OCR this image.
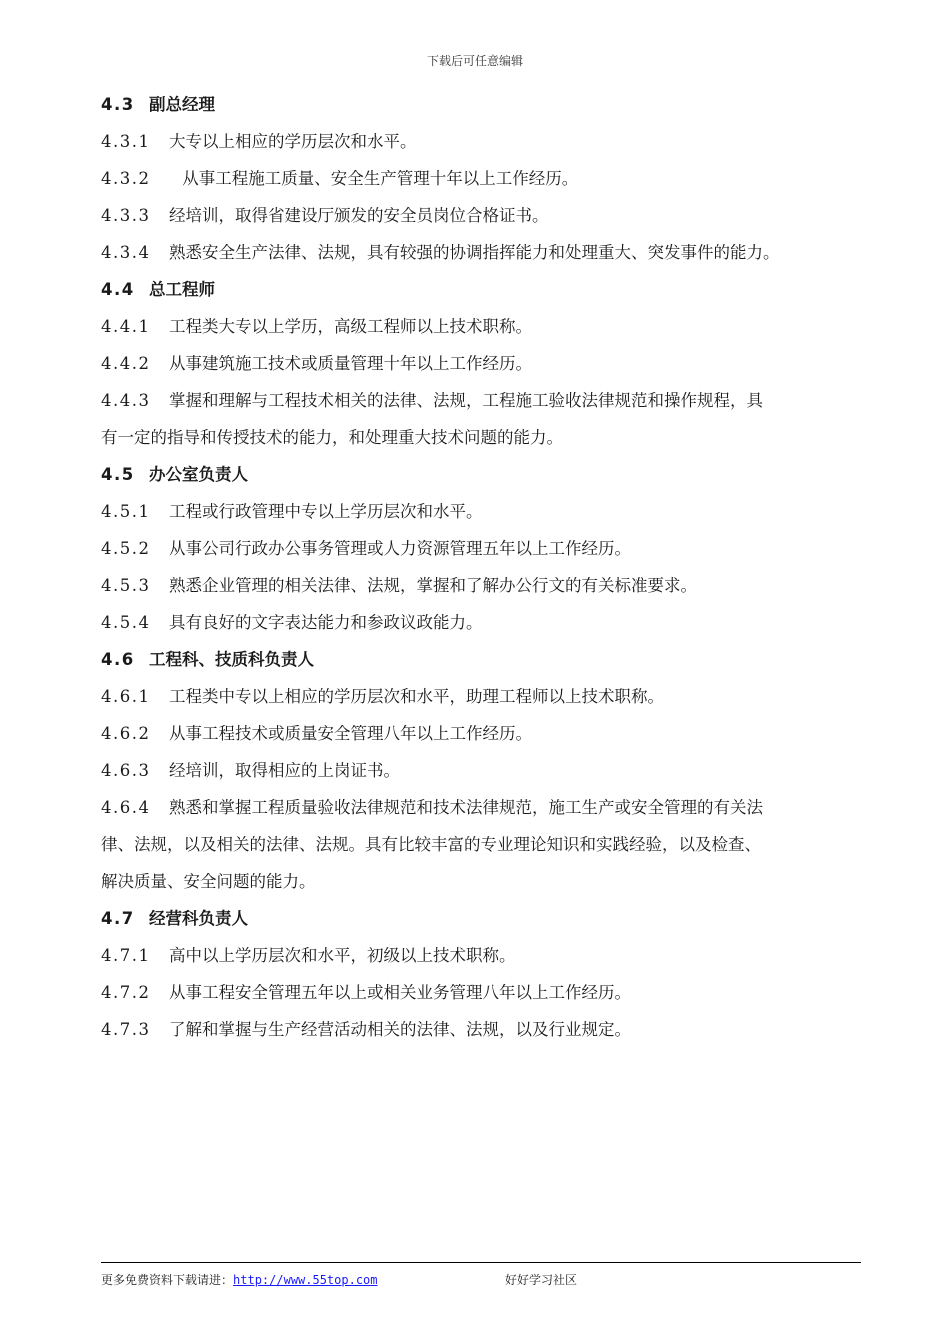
下载后可任意编辑
4.3 副总经理
4.3.1 大专以上相应的学历层次和水平。
4.3.2 从事工程施工质量、安全生产管理十年以上工作经历。
4.3.3 经培训，取得省建设厅颁发的安全员岗位合格证书。
4.3.4 熟悉安全生产法律、法规，具有较强的协调指挥能力和处理重大、突发事件的能力。
4.4 总工程师
4.4.1 工程类大专以上学历，高级工程师以上技术职称。
4.4.2 从事建筑施工技术或质量管理十年以上工作经历。
4.4.3 掌握和理解与工程技术相关的法律、法规，工程施工验收法律规范和操作规程，具
有一定的指导和传授技术的能力，和处理重大技术问题的能力。
4.5 办公室负责人
4.5.1 工程或行政管理中专以上学历层次和水平。
4.5.2 从事公司行政办公事务管理或人力资源管理五年以上工作经历。
4.5.3 熟悉企业管理的相关法律、法规，掌握和了解办公行文的有关标准要求。
4.5.4 具有良好的文字表达能力和参政议政能力。
4.6 工程科、技质科负责人
4.6.1 工程类中专以上相应的学历层次和水平，助理工程师以上技术职称。
4.6.2 从事工程技术或质量安全管理八年以上工作经历。
4.6.3 经培训，取得相应的上岗证书。
4.6.4 熟悉和掌握工程质量验收法律规范和技术法律规范，施工生产或安全管理的有关法
律、法规，以及相关的法律、法规。具有比较丰富的专业理论知识和实践经验，以及检查、
解决质量、安全问题的能力。
4.7 经营科负责人
4.7.1 高中以上学历层次和水平，初级以上技术职称。
4.7.2 从事工程安全管理五年以上或相关业务管理八年以上工作经历。
4.7.3 了解和掌握与生产经营活动相关的法律、法规，以及行业规定。
更多免费资料下载请进：http://www.55top.com	好好学习社区
